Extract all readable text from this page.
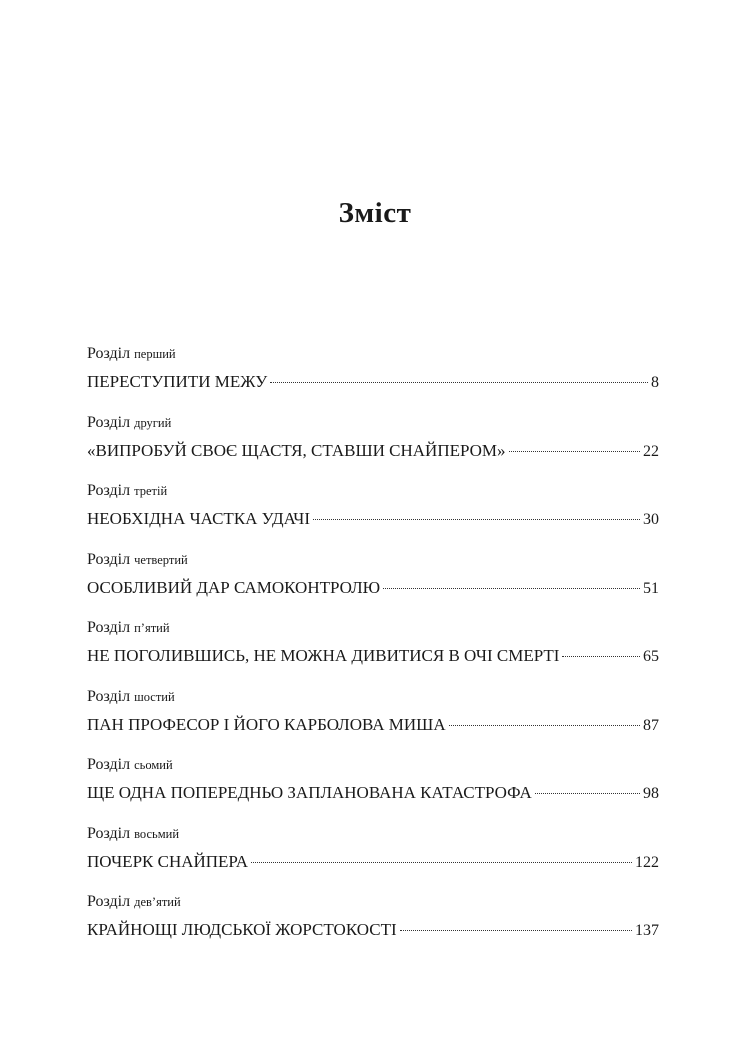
Зміст
Розділ перший
ПЕРЕСТУПИТИ МЕЖУ	8
Розділ другий
«ВИПРОБУЙ СВОЄ ЩАСТЯ, СТАВШИ СНАЙПЕРОМ»	22
Розділ третій
НЕОБХІДНА ЧАСТКА УДАЧІ	30
Розділ четвертий
ОСОБЛИВИЙ ДАР САМОКОНТРОЛЮ	51
Розділ п’ятий
НЕ ПОГОЛИВШИСЬ, НЕ МОЖНА ДИВИТИСЯ В ОЧІ СМЕРТІ	65
Розділ шостий
ПАН ПРОФЕСОР І ЙОГО КАРБОЛОВА МИША	87
Розділ сьомий
ЩЕ ОДНА ПОПЕРЕДНЬО ЗАПЛАНОВАНА КАТАСТРОФА	98
Розділ восьмий
ПОЧЕРК СНАЙПЕРА	122
Розділ дев’ятий
КРАЙНОЩІ ЛЮДСЬКОЇ ЖОРСТОКОСТІ	137
